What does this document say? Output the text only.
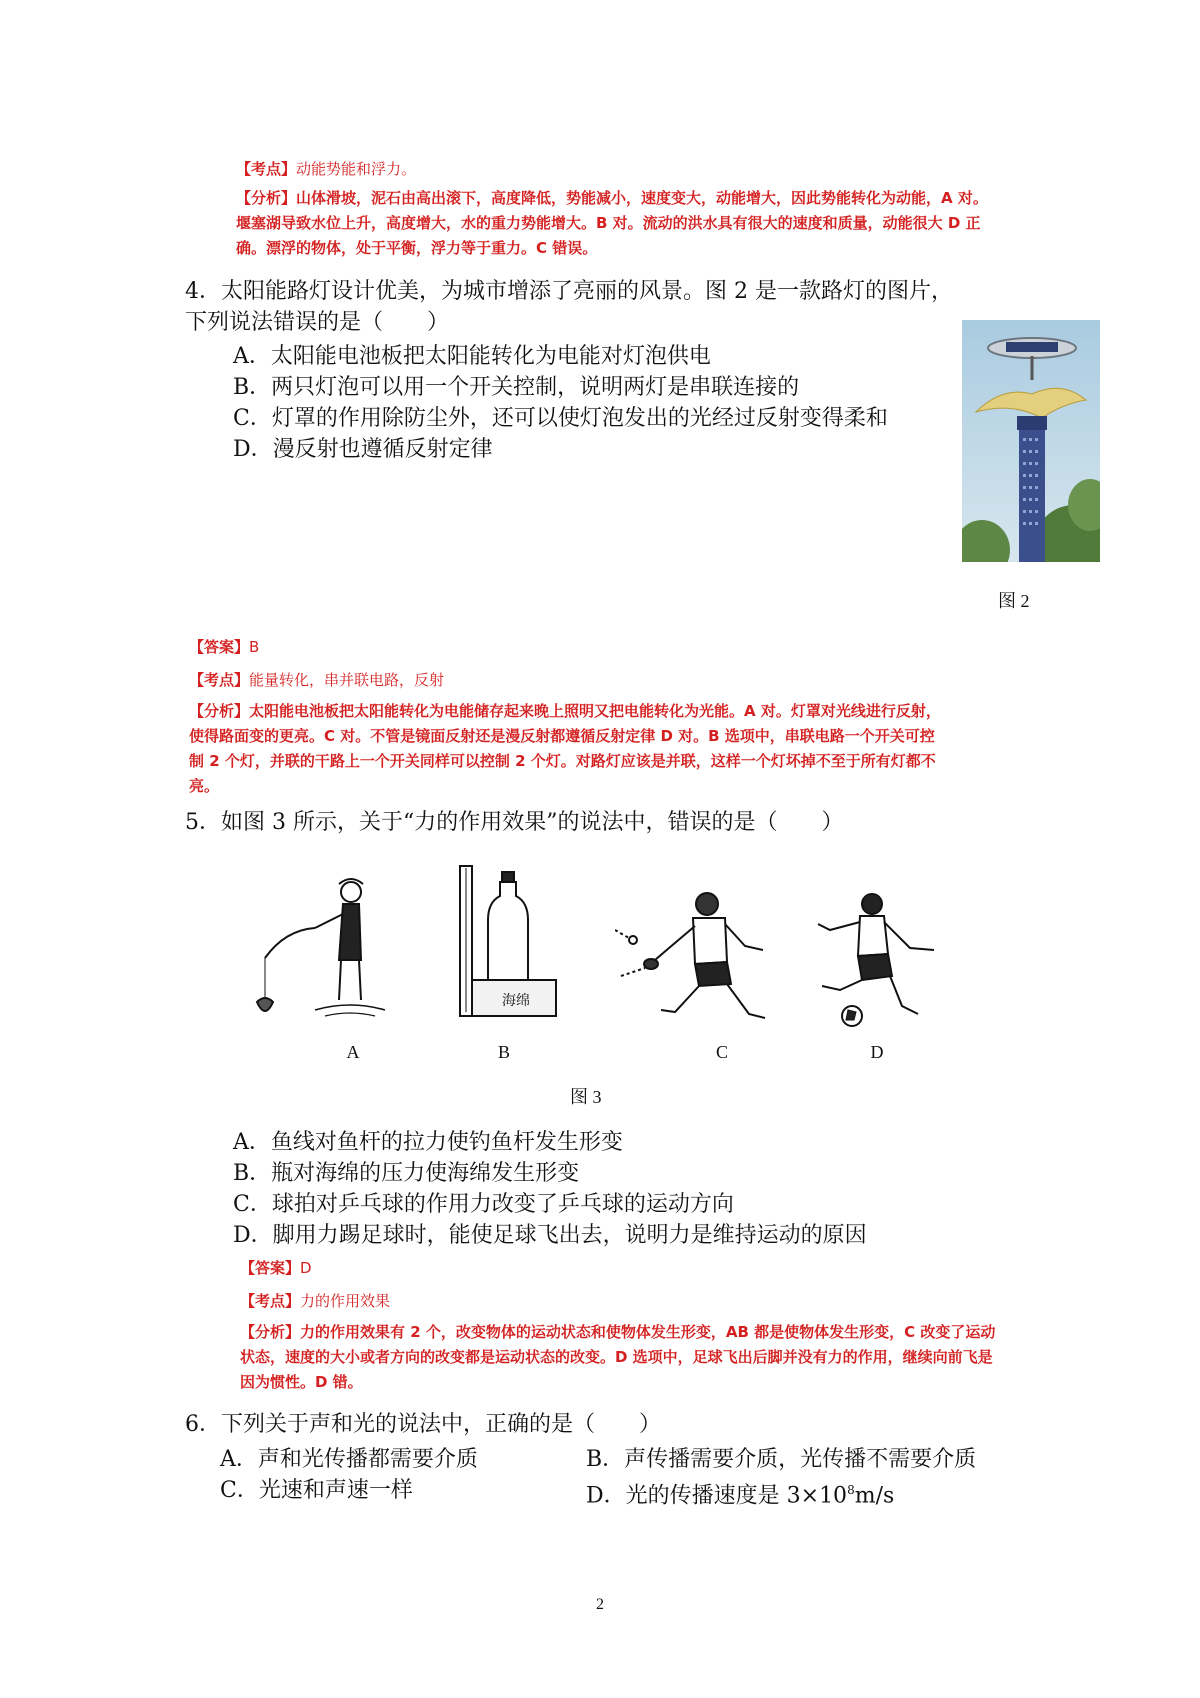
【考点】动能势能和浮力。
【分析】山体滑坡，泥石由高出滚下，高度降低，势能减小，速度变大，动能增大，因此势能转化为动能，A 对。
堰塞湖导致水位上升，高度增大，水的重力势能增大。B 对。流动的洪水具有很大的速度和质量，动能很大 D 正
确。漂浮的物体，处于平衡，浮力等于重力。C 错误。
4．太阳能路灯设计优美，为城市增添了亮丽的风景。图 2 是一款路灯的图片，
下列说法错误的是（　　）
A．太阳能电池板把太阳能转化为电能对灯泡供电
B．两只灯泡可以用一个开关控制，说明两灯是串联连接的
C．灯罩的作用除防尘外，还可以使灯泡发出的光经过反射变得柔和
D．漫反射也遵循反射定律
图 2
【答案】B
【考点】能量转化，串并联电路，反射
【分析】太阳能电池板把太阳能转化为电能储存起来晚上照明又把电能转化为光能。A 对。灯罩对光线进行反射，
使得路面变的更亮。C 对。不管是镜面反射还是漫反射都遵循反射定律 D 对。B 选项中，串联电路一个开关可控
制 2 个灯，并联的干路上一个开关同样可以控制 2 个灯。对路灯应该是并联，这样一个灯坏掉不至于所有灯都不
亮。
5．如图 3 所示，关于“力的作用效果”的说法中，错误的是（　　）
海绵
A	B	C	D
图 3
A．鱼线对鱼杆的拉力使钓鱼杆发生形变
B．瓶对海绵的压力使海绵发生形变
C．球拍对乒乓球的作用力改变了乒乓球的运动方向
D．脚用力踢足球时，能使足球飞出去，说明力是维持运动的原因
【答案】D
【考点】力的作用效果
【分析】力的作用效果有 2 个，改变物体的运动状态和使物体发生形变，AB 都是使物体发生形变，C 改变了运动
状态，速度的大小或者方向的改变都是运动状态的改变。D 选项中，足球飞出后脚并没有力的作用，继续向前飞是
因为惯性。D 错。
6．下列关于声和光的说法中，正确的是（　　）
A．声和光传播都需要介质	B．声传播需要介质，光传播不需要介质
C．光速和声速一样	D．光的传播速度是 $3\times 10^8m/s$
2
